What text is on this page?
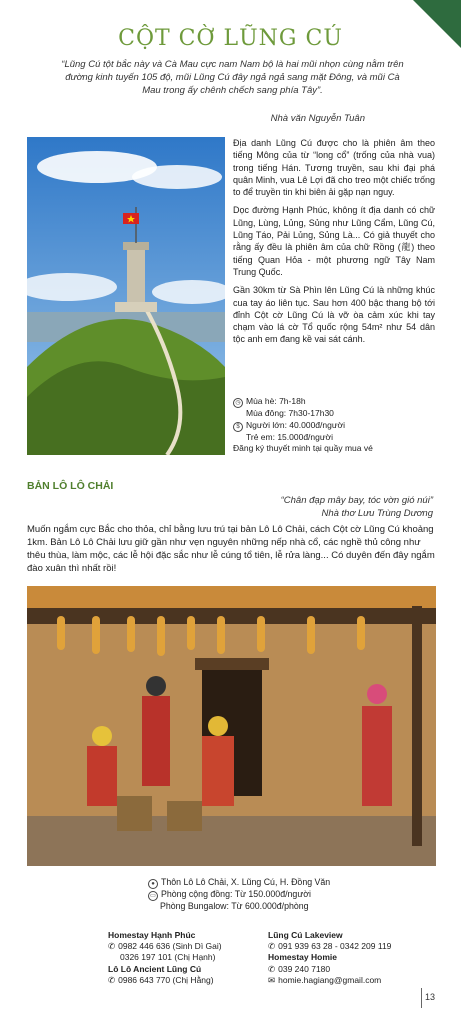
CỘT CỜ LŨNG CÚ
“Lũng Cú tột bắc này và Cà Mau cực nam Nam bộ là hai mũi nhọn cùng nằm trên đường kinh tuyến 105 độ, mũi Lũng Cú đây ngả ngả sang mặt Đông, và mũi Cà Mau trong ấy chênh chếch sang phía Tây”.
Nhà văn Nguyễn Tuân

Địa danh Lũng Cú được cho là phiên âm theo tiếng Mông của từ “long cổ” (trống của nhà vua) trong tiếng Hán. Tương truyền, sau khi đại phá quân Minh, vua Lê Lợi đã cho treo một chiếc trống to để truyền tin khi biên ải gặp nạn nguy.

Dọc đường Hạnh Phúc, không ít địa danh có chữ Lũng, Lùng, Lủng, Sủng như Lũng Cẩm, Lũng Cú, Lũng Táo, Pải Lủng, Sủng Là... Có giả thuyết cho rằng ấy đều là phiên âm của chữ Rồng (龍) theo tiếng Quan Hỏa - một phương ngữ Tây Nam Trung Quốc.

Gần 30km từ Sà Phìn lên Lũng Cú là những khúc cua tay áo liên tục. Sau hơn 400 bậc thang bộ tới đỉnh Cột cờ Lũng Cú là vỡ òa cảm xúc khi tay chạm vào lá cờ Tổ quốc rộng 54m² như 54 dân tộc anh em đang kề vai sát cánh.

◷ Mùa hè: 7h-18h
Mùa đông: 7h30-17h30
$ Người lớn: 40.000đ/người
Trẻ em: 15.000đ/người
Đăng ký thuyết minh tại quầy mua vé
BẢN LÔ LÔ CHẢI
“Chân đạp mây bay, tóc vờn gió núi”
Nhà thơ Lưu Trùng Dương
Muốn ngắm cực Bắc cho thỏa, chỉ bằng lưu trú tại bản Lô Lô Chải, cách Cột cờ Lũng Cú khoảng 1km. Bản Lô Lô Chải lưu giữ gần như vẹn nguyên những nếp nhà cổ, các nghề thủ công như thêu thùa, làm mộc, các lễ hội đặc sắc như lễ cúng tổ tiên, lễ rửa làng... Có duyên đến đây ngắm đào xuân thì nhất rồi!
● Thôn Lô Lô Chải, X. Lũng Cú, H. Đồng Văn
▭ Phòng cộng đồng: Từ 150.000đ/người
Phòng Bungalow: Từ 600.000đ/phòng
Homestay Hạnh Phúc
✆ 0982 446 636 (Sinh Dì Gai)
0326 197 101 (Chị Hạnh)
Lô Lô Ancient Lũng Cú
✆ 0986 643 770 (Chị Hằng)
Lũng Cú Lakeview
✆ 091 939 63 28 - 0342 209 119
Homestay Homie
✆ 039 240 7180
✉ homie.hagiang@gmail.com
13
